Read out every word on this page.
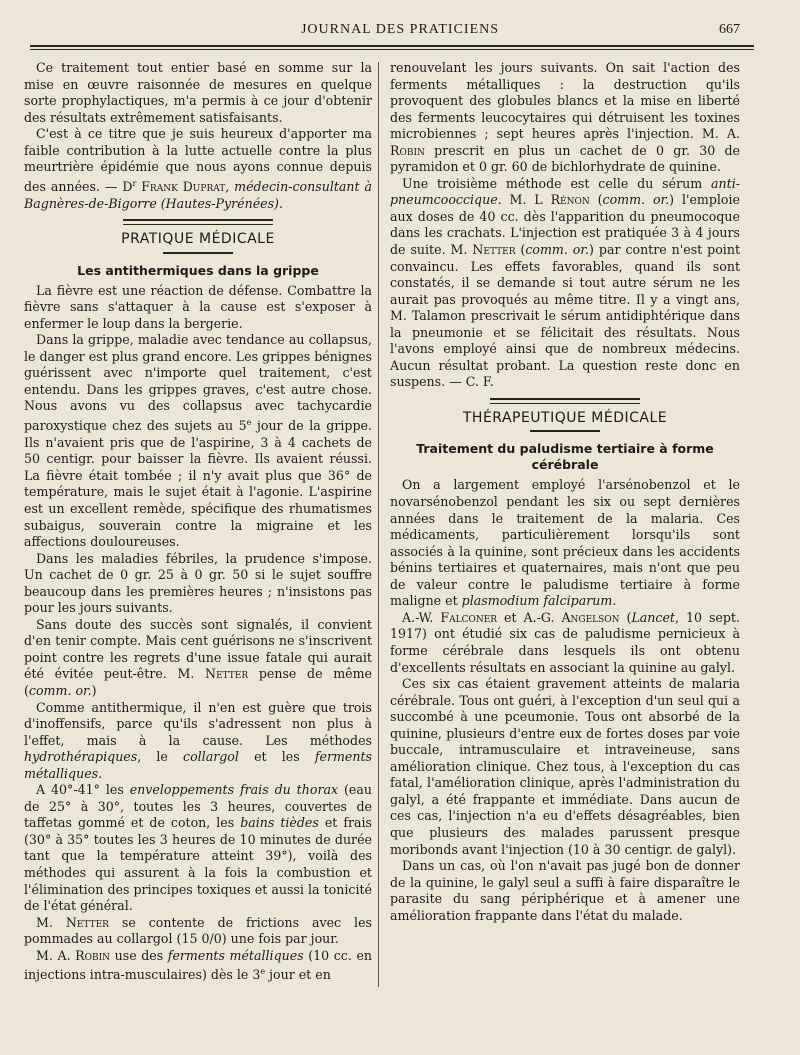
JOURNAL DES PRATICIENS	667

Ce traitement tout entier basé en somme sur la mise en œuvre raisonnée de mesures en quelque sorte prophylactiques, m'a permis à ce jour d'obtenir des résultats extrêmement satisfaisants.

C'est à ce titre que je suis heureux d'apporter ma faible contribution à la lutte actuelle contre la plus meurtrière épidémie que nous ayons connue depuis des années. — $D^r$ Frank Duprat, médecin-consultant à Bagnères-de-Bigorre (Hautes-Pyrénées).

PRATIQUE MÉDICALE
Les antithermiques dans la grippe

La fièvre est une réaction de défense. Combattre la fièvre sans s'attaquer à la cause est s'exposer à enfermer le loup dans la bergerie.

Dans la grippe, maladie avec tendance au collapsus, le danger est plus grand encore. Les grippes bénignes guérissent avec n'importe quel traitement, c'est entendu. Dans les grippes graves, c'est autre chose. Nous avons vu des collapsus avec tachycardie paroxystique chez des sujets au 5e jour de la grippe. Ils n'avaient pris que de l'aspirine, 3 à 4 cachets de 50 centigr. pour baisser la fièvre. Ils avaient réussi. La fièvre était tombée ; il n'y avait plus que 36° de température, mais le sujet était à l'agonie. L'aspirine est un excellent remède, spécifique des rhumatismes subaigus, souverain contre la migraine et les affections douloureuses.

Dans les maladies fébriles, la prudence s'impose. Un cachet de 0 gr. 25 à 0 gr. 50 si le sujet souffre beaucoup dans les premières heures ; n'insistons pas pour les jours suivants.

Sans doute des succès sont signalés, il convient d'en tenir compte. Mais cent guérisons ne s'inscrivent point contre les regrets d'une issue fatale qui aurait été évitée peut-être. M. Netter pense de même (comm. or.)

Comme antithermique, il n'en est guère que trois d'inoffensifs, parce qu'ils s'adressent non plus à l'effet, mais à la cause. Les méthodes hydrothérapiques, le collargol et les ferments métalliques.

A 40°-41° les enveloppements frais du thorax (eau de 25° à 30°, toutes les 3 heures, couvertes de taffetas gommé et de coton, les bains tièdes et frais (30° à 35° toutes les 3 heures de 10 minutes de durée tant que la température atteint 39°), voilà des méthodes qui assurent à la fois la combustion et l'élimination des principes toxiques et aussi la tonicité de l'état général.

M. Netter se contente de frictions avec les pommades au collargol (15 0/0) une fois par jour.

M. A. Robin use des ferments métalliques (10 cc. en injections intra-musculaires) dès le 3e jour et en

renouvelant les jours suivants. On sait l'action des ferments métalliques : la destruction qu'ils provoquent des globules blancs et la mise en liberté des ferments leucocytaires qui détruisent les toxines microbiennes ; sept heures après l'injection. M. A. Robin prescrit en plus un cachet de 0 gr. 30 de pyramidon et 0 gr. 60 de bichlorhydrate de quinine.

Une troisième méthode est celle du sérum anti-pneumcooccique. M. L Rénon (comm. or.) l'emploie aux doses de 40 cc. dès l'apparition du pneumocoque dans les crachats. L'injection est pratiquée 3 à 4 jours de suite. M. Netter (comm. or.) par contre n'est point convaincu. Les effets favorables, quand ils sont constatés, il se demande si tout autre sérum ne les aurait pas provoqués au même titre. Il y a vingt ans, M. Talamon prescrivait le sérum antidiphtérique dans la pneumonie et se félicitait des résultats. Nous l'avons employé ainsi que de nombreux médecins. Aucun résultat probant. La question reste donc en suspens. — C. F.

THÉRAPEUTIQUE MÉDICALE
Traitement du paludisme tertiaire à forme cérébrale

On a largement employé l'arsénobenzol et le novarsénobenzol pendant les six ou sept dernières années dans le traitement de la malaria. Ces médicaments, particulièrement lorsqu'ils sont associés à la quinine, sont précieux dans les accidents bénins tertiaires et quaternaires, mais n'ont que peu de valeur contre le paludisme tertiaire à forme maligne et plasmodium falciparum.

A.-W. Falconer et A.-G. Angelson (Lancet, 10 sept. 1917) ont étudié six cas de paludisme pernicieux à forme cérébrale dans lesquels ils ont obtenu d'excellents résultats en associant la quinine au galyl.

Ces six cas étaient gravement atteints de malaria cérébrale. Tous ont guéri, à l'exception d'un seul qui a succombé à une pceumonie. Tous ont absorbé de la quinine, plusieurs d'entre eux de fortes doses par voie buccale, intramusculaire et intraveineuse, sans amélioration clinique. Chez tous, à l'exception du cas fatal, l'amélioration clinique, après l'administration du galyl, a été frappante et immédiate. Dans aucun de ces cas, l'injection n'a eu d'effets désagréables, bien que plusieurs des malades parussent presque moribonds avant l'injection (10 à 30 centigr. de galyl).

Dans un cas, où l'on n'avait pas jugé bon de donner de la quinine, le galyl seul a suffi à faire disparaître le parasite du sang périphérique et à amener une amélioration frappante dans l'état du malade.
